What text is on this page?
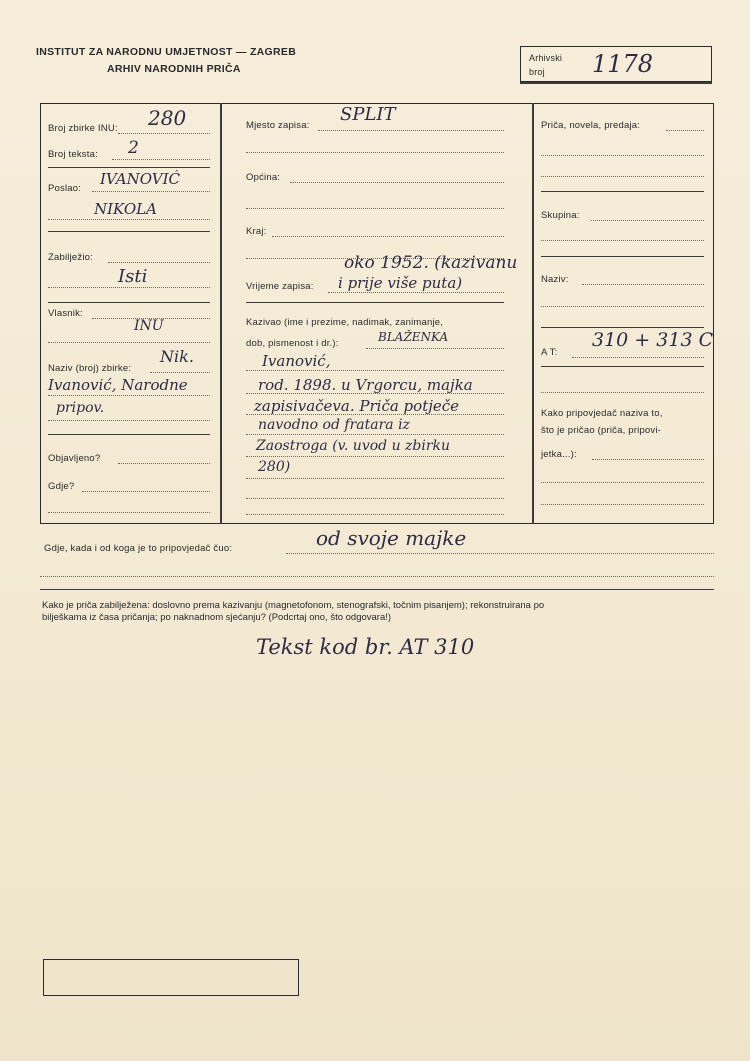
INSTITUT ZA NARODNU UMJETNOST — ZAGREB
ARHIV NARODNIH PRIČA
Arhivski
broj 1178
Broj zbirke INU: 280
Broj teksta: 2
Poslao:
IVANOVIĆ
NIKOLA
Zabilježio:
Isti
Vlasnik:
INU
Naziv (broj) zbirke:
Nik.
Ivanović, Narodne
pripov.
Objavljeno?
Gdje?
Mjesto zapisa:
SPLIT
Općina:
Kraj:
oko 1952. (kazivanu
Vrijeme zapisa: i prije više puta)
Kazivao (ime i prezime, nadimak, zanimanje,
dob, pismenost i dr.):	BLAŽENKA
Ivanović,
rod. 1898. u Vrgorcu, majka
zapisivačeva. Priča potječe
navodno od fratara iz
Zaostroga (v. uvod u zbirku
280)
Priča, novela, predaja:
Skupina:
Naziv:
A T:
310 + 313 C
Kako pripovjedač naziva to,
što je pričao (priča, pripovi-
jetka...):
Gdje, kada i od koga je to pripovjedač čuo:	od svoje majke
Kako je priča zabilježena: doslovno prema kazivanju (magnetofonom, stenografski, točnim pisanjem); rekonstruirana po
bilješkama iz časa pričanja; po naknadnom sjećanju? (Podcrtaj ono, što odgovara!)
Tekst kod br. AT 310
